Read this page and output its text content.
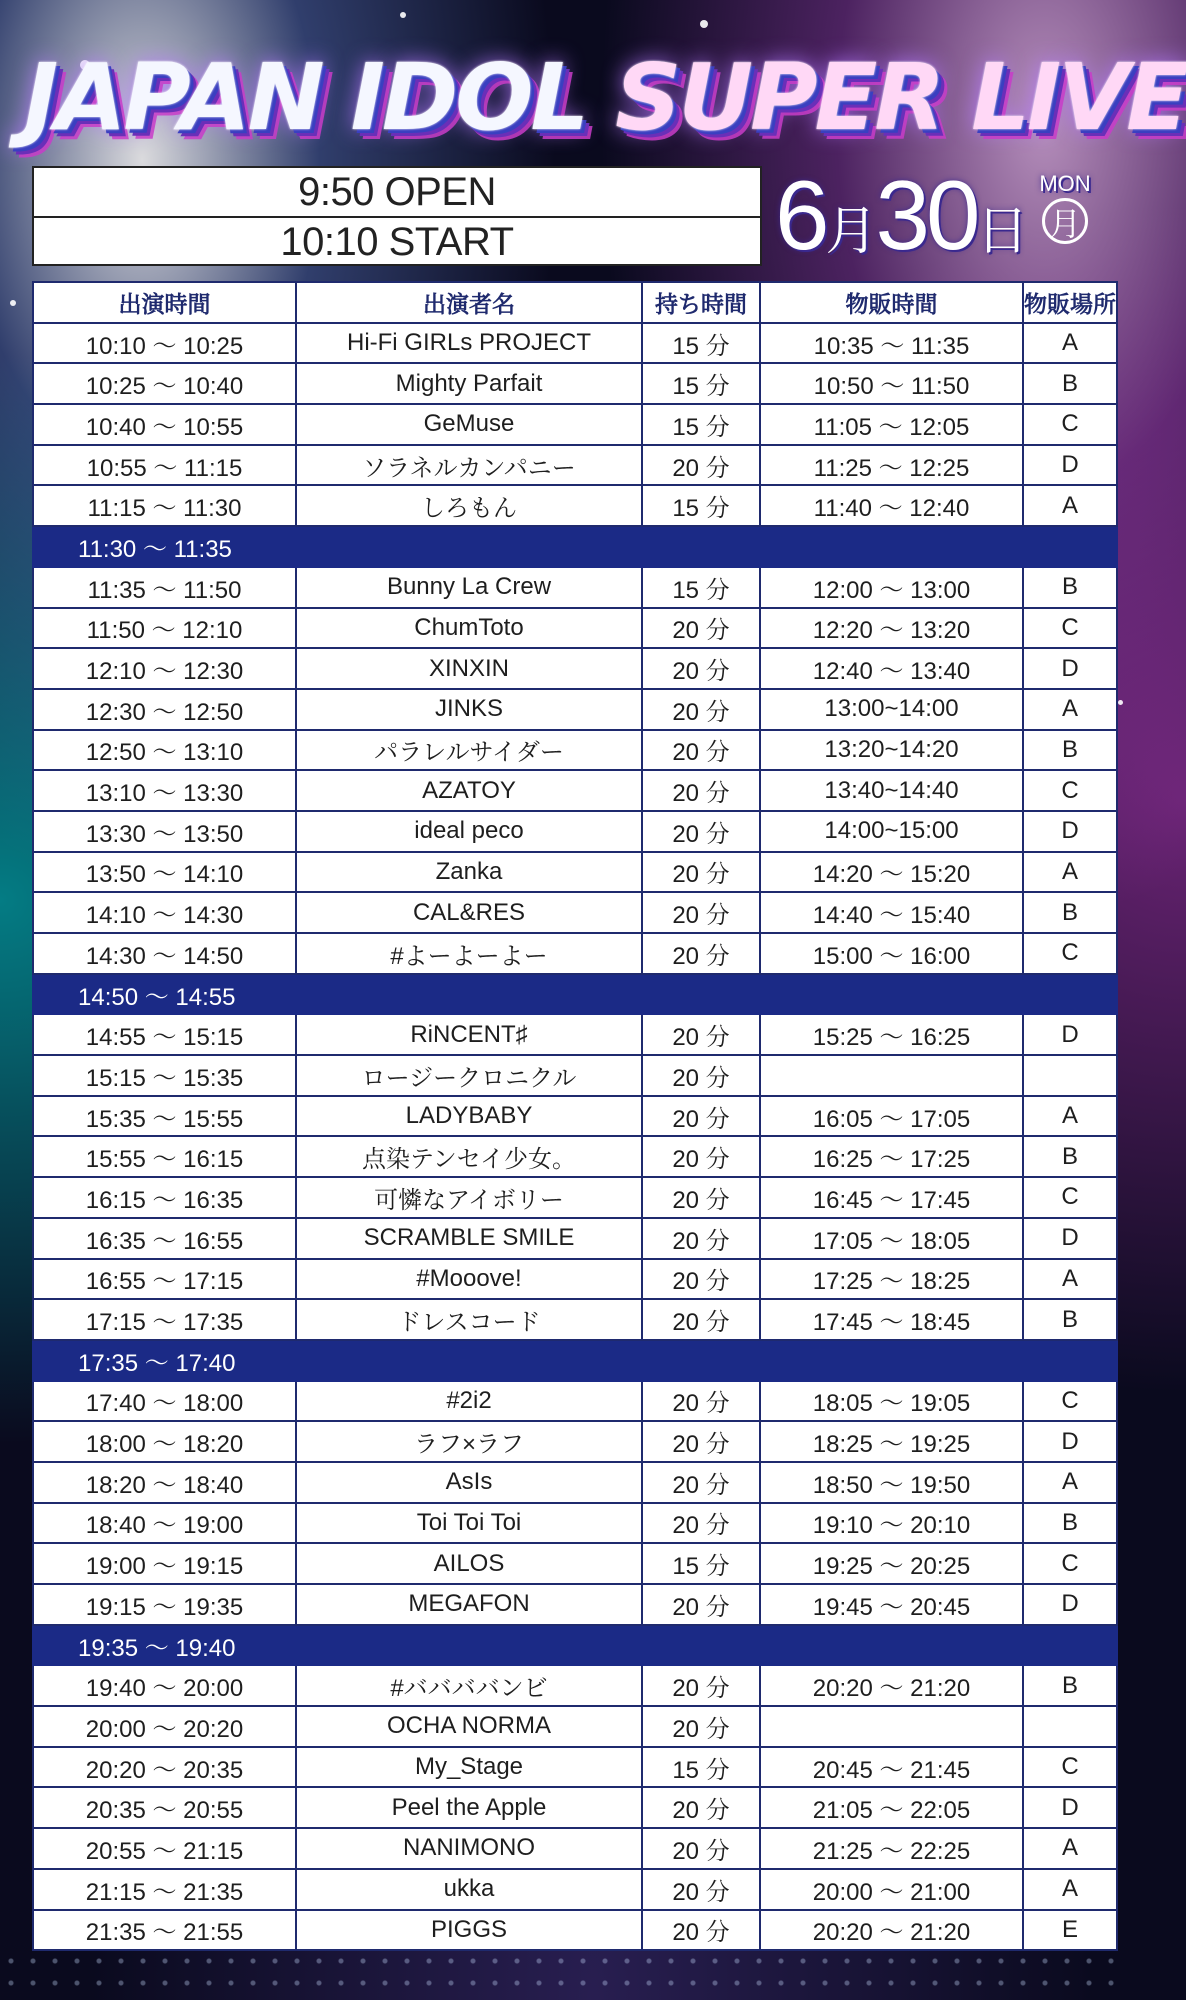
JAPAN IDOL SUPER LIVE
9:50 OPEN
10:10 START	6月30日
MON
月
出演時間	出演者名	持ち時間	物販時間	物販場所
10:10 ～ 10:25	Hi-Fi GIRLs PROJECT	15 分	10:35 ～ 11:35	A
10:25 ～ 10:40	Mighty Parfait	15 分	10:50 ～ 11:50	B
10:40 ～ 10:55	GeMuse	15 分	11:05 ～ 12:05	C
10:55 ～ 11:15	ソラネルカンパニー	20 分	11:25 ～ 12:25	D
11:15 ～ 11:30	しろもん	15 分	11:40 ～ 12:40	A
11:30 ～ 11:35				
11:35 ～ 11:50	Bunny La Crew	15 分	12:00 ～ 13:00	B
11:50 ～ 12:10	ChumToto	20 分	12:20 ～ 13:20	C
12:10 ～ 12:30	XINXIN	20 分	12:40 ～ 13:40	D
12:30 ～ 12:50	JINKS	20 分	13:00~14:00	A
12:50 ～ 13:10	パラレルサイダー	20 分	13:20~14:20	B
13:10 ～ 13:30	AZATOY	20 分	13:40~14:40	C
13:30 ～ 13:50	ideal peco	20 分	14:00~15:00	D
13:50 ～ 14:10	Zanka	20 分	14:20 ～ 15:20	A
14:10 ～ 14:30	CAL&RES	20 分	14:40 ～ 15:40	B
14:30 ～ 14:50	#よーよーよー	20 分	15:00 ～ 16:00	C
14:50 ～ 14:55				
14:55 ～ 15:15	RiNCENT♯	20 分	15:25 ～ 16:25	D
15:15 ～ 15:35	ロージークロニクル	20 分		
15:35 ～ 15:55	LADYBABY	20 分	16:05 ～ 17:05	A
15:55 ～ 16:15	点染テンセイ少女。	20 分	16:25 ～ 17:25	B
16:15 ～ 16:35	可憐なアイボリー	20 分	16:45 ～ 17:45	C
16:35 ～ 16:55	SCRAMBLE SMILE	20 分	17:05 ～ 18:05	D
16:55 ～ 17:15	#Mooove!	20 分	17:25 ～ 18:25	A
17:15 ～ 17:35	ドレスコード	20 分	17:45 ～ 18:45	B
17:35 ～ 17:40				
17:40 ～ 18:00	#2i2	20 分	18:05 ～ 19:05	C
18:00 ～ 18:20	ラフ×ラフ	20 分	18:25 ～ 19:25	D
18:20 ～ 18:40	AsIs	20 分	18:50 ～ 19:50	A
18:40 ～ 19:00	Toi Toi Toi	20 分	19:10 ～ 20:10	B
19:00 ～ 19:15	AILOS	15 分	19:25 ～ 20:25	C
19:15 ～ 19:35	MEGAFON	20 分	19:45 ～ 20:45	D
19:35 ～ 19:40				
19:40 ～ 20:00	#ババババンビ	20 分	20:20 ～ 21:20	B
20:00 ～ 20:20	OCHA NORMA	20 分		
20:20 ～ 20:35	My_Stage	15 分	20:45 ～ 21:45	C
20:35 ～ 20:55	Peel the Apple	20 分	21:05 ～ 22:05	D
20:55 ～ 21:15	NANIMONO	20 分	21:25 ～ 22:25	A
21:15 ～ 21:35	ukka	20 分	20:00 ～ 21:00	A
21:35 ～ 21:55	PIGGS	20 分	20:20 ～ 21:20	E
